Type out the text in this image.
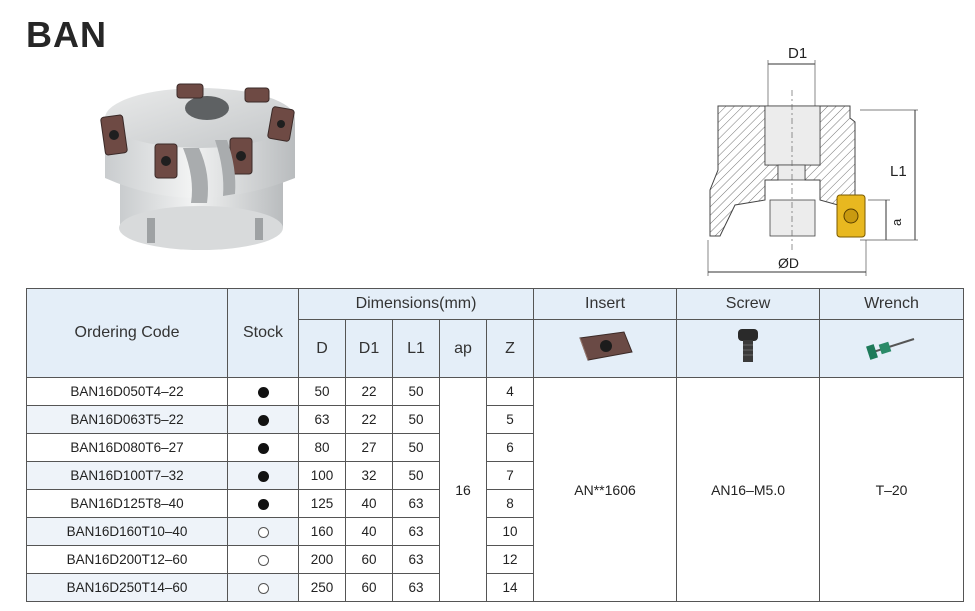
BAN	D1
L1
a
ØD
Ordering Code	Stock	Dimensions(mm)					Insert	Screw	Wrench
		D	D1	L1	ap	Z			
BAN16D050T4–22		50	22	50	16	4	AN**1606	AN16–M5.0	T–20
BAN16D063T5–22		63	22	50		5			
BAN16D080T6–27		80	27	50		6			
BAN16D100T7–32		100	32	50		7			
BAN16D125T8–40		125	40	63		8			
BAN16D160T10–40		160	40	63		10			
BAN16D200T12–60		200	60	63		12			
BAN16D250T14–60		250	60	63		14			
